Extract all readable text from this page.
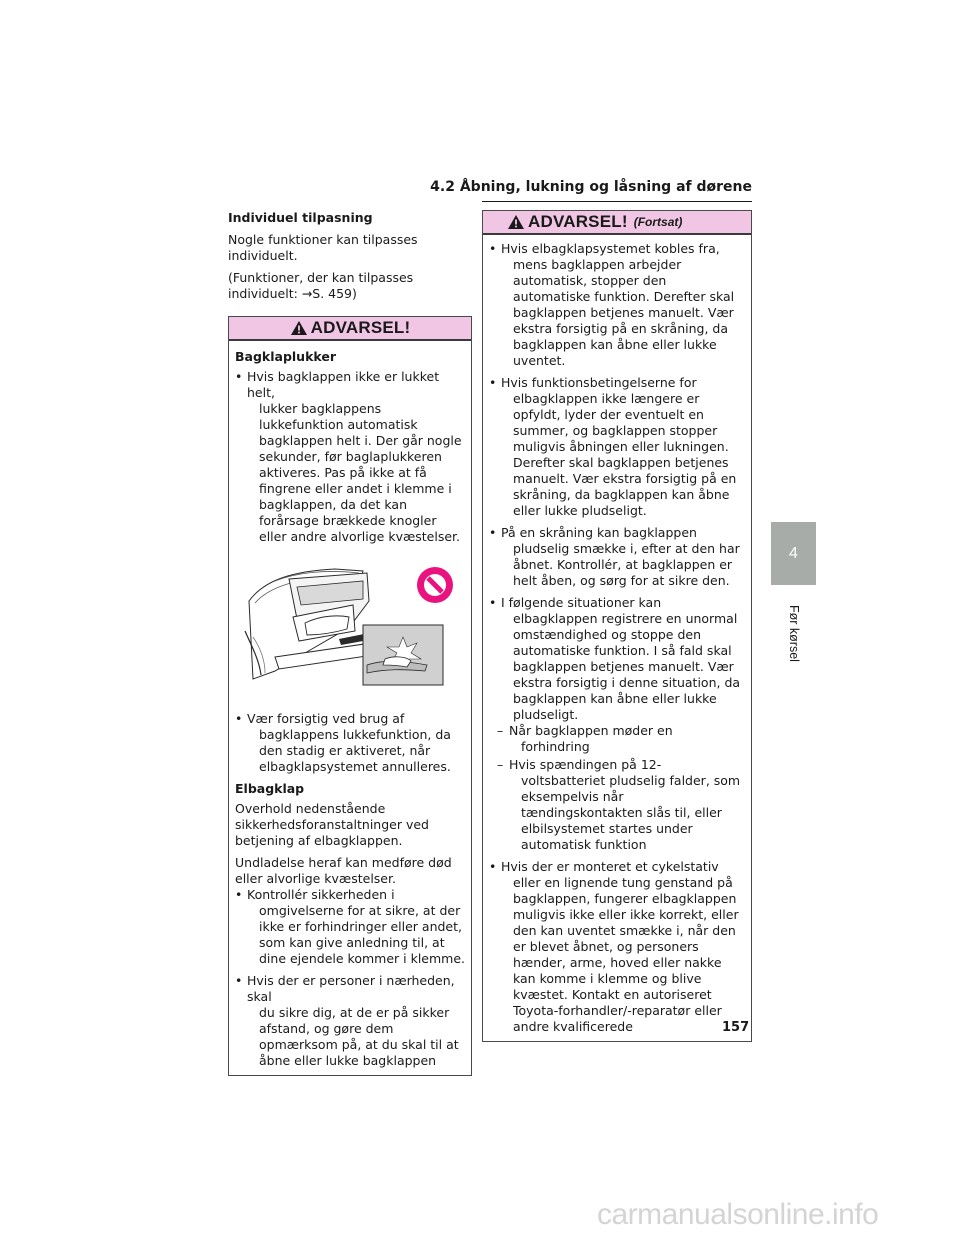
4.2 Åbning, lukning og låsning af dørene
4
Før kørsel
Individuel tilpasning
Nogle funktioner kan tilpasses individuelt.
(Funktioner, der kan tilpasses individuelt: →S. 459)
ADVARSEL!
Bagklaplukker
• Hvis bagklappen ikke er lukket helt,
lukker bagklappens lukkefunktion automatisk bagklappen helt i. Der går nogle sekunder, før baglaplukkeren aktiveres. Pas på ikke at få fingrene eller andet i klemme i bagklappen, da det kan forårsage brækkede knogler eller andre alvorlige kvæstelser.
• Vær forsigtig ved brug af
bagklappens lukkefunktion, da den stadig er aktiveret, når elbagklapsystemet annulleres.
Elbagklap
Overhold nedenstående sikkerhedsforanstaltninger ved betjening af elbagklappen.
Undladelse heraf kan medføre død eller alvorlige kvæstelser.
• Kontrollér sikkerheden i
omgivelserne for at sikre, at der ikke er forhindringer eller andet, som kan give anledning til, at dine ejendele kommer i klemme.
• Hvis der er personer i nærheden, skal
du sikre dig, at de er på sikker afstand, og gøre dem opmærksom på, at du skal til at åbne eller lukke bagklappen
ADVARSEL! (Fortsat)
• Hvis elbagklapsystemet kobles fra,
mens bagklappen arbejder automatisk, stopper den automatiske funktion. Derefter skal bagklappen betjenes manuelt. Vær ekstra forsigtig på en skråning, da bagklappen kan åbne eller lukke uventet.
• Hvis funktionsbetingelserne for
elbagklappen ikke længere er opfyldt, lyder der eventuelt en summer, og bagklappen stopper muligvis åbningen eller lukningen. Derefter skal bagklappen betjenes manuelt. Vær ekstra forsigtig på en skråning, da bagklappen kan åbne eller lukke pludseligt.
• På en skråning kan bagklappen
pludselig smække i, efter at den har åbnet. Kontrollér, at bagklappen er helt åben, og sørg for at sikre den.
• I følgende situationer kan
elbagklappen registrere en unormal omstændighed og stoppe den automatiske funktion. I så fald skal bagklappen betjenes manuelt. Vær ekstra forsigtig i denne situation, da bagklappen kan åbne eller lukke pludseligt.
– Når bagklappen møder en
forhindring
– Hvis spændingen på 12-
voltsbatteriet pludselig falder, som eksempelvis når tændingskontakten slås til, eller elbilsystemet startes under automatisk funktion
• Hvis der er monteret et cykelstativ
eller en lignende tung genstand på bagklappen, fungerer elbagklappen muligvis ikke eller ikke korrekt, eller den kan uventet smække i, når den er blevet åbnet, og personers hænder, arme, hoved eller nakke kan komme i klemme og blive kvæstet. Kontakt en autoriseret Toyota-forhandler/-reparatør eller andre kvalificerede	157
carmanualsonline.info
